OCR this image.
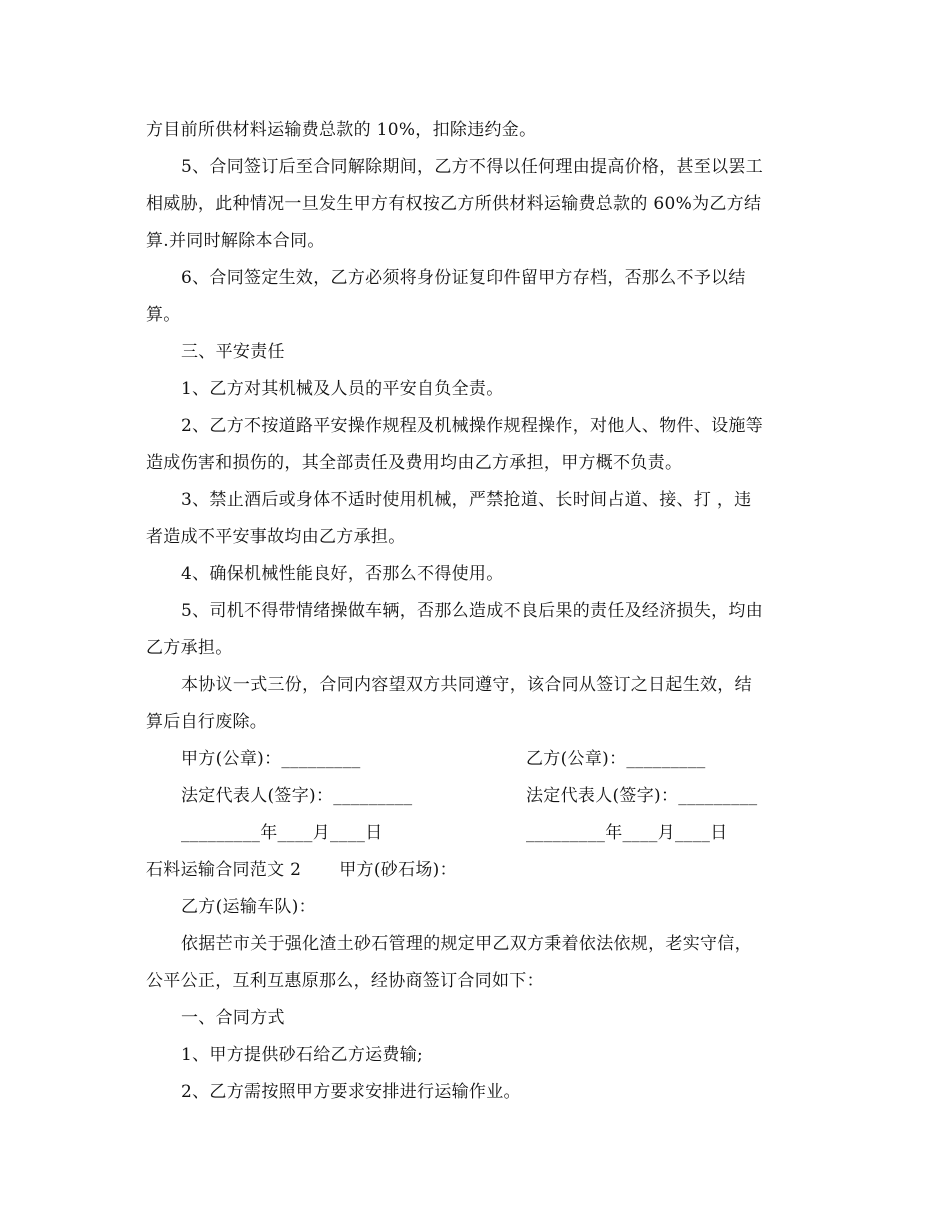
方目前所供材料运输费总款的 10%，扣除违约金。
5、合同签订后至合同解除期间，乙方不得以任何理由提高价格，甚至以罢工
相威胁，此种情况一旦发生甲方有权按乙方所供材料运输费总款的 60%为乙方结
算.并同时解除本合同。
6、合同签定生效，乙方必须将身份证复印件留甲方存档，否那么不予以结
算。
三、平安责任
1、乙方对其机械及人员的平安自负全责。
2、乙方不按道路平安操作规程及机械操作规程操作，对他人、物件、设施等
造成伤害和损伤的，其全部责任及费用均由乙方承担，甲方概不负责。
3、禁止酒后或身体不适时使用机械，严禁抢道、长时间占道、接、打 ，违
者造成不平安事故均由乙方承担。
4、确保机械性能良好，否那么不得使用。
5、司机不得带情绪操做车辆，否那么造成不良后果的责任及经济损失，均由
乙方承担。
本协议一式三份，合同内容望双方共同遵守，该合同从签订之日起生效，结
算后自行废除。
甲方(公章)：_________	乙方(公章)：_________
法定代表人(签字)：_________	法定代表人(签字)：_________
_________年____月____日	_________年____月____日
石料运输合同范文 2 甲方(砂石场)：
乙方(运输车队)：
依据芒市关于强化渣土砂石管理的规定甲乙双方秉着依法依规，老实守信，
公平公正，互利互惠原那么，经协商签订合同如下：
一、合同方式
1、甲方提供砂石给乙方运费输;
2、乙方需按照甲方要求安排进行运输作业。
